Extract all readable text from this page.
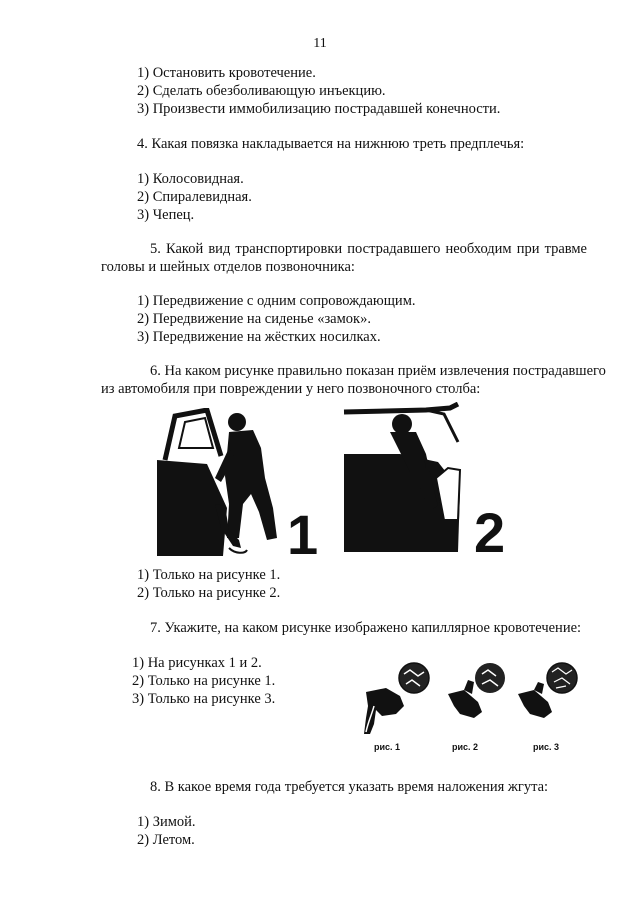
11
1) Остановить кровотечение.
2) Сделать обезболивающую инъекцию.
3) Произвести иммобилизацию пострадавшей конечности.
4. Какая повязка накладывается на нижнюю треть предплечья:
1) Колосовидная.
2) Спиралевидная.
3) Чепец.
5. Какой вид транспортировки пострадавшего необходим при травме
головы и шейных отделов позвоночника:
1) Передвижение с одним сопровождающим.
2) Передвижение на сиденье «замок».
3) Передвижение на жёстких носилках.
6. На каком рисунке правильно показан приём извлечения пострадавшего
из автомобиля при повреждении у него позвоночного столба:
1	2
1) Только на рисунке 1.
2) Только на рисунке 2.
7. Укажите, на каком рисунке изображено капиллярное кровотечение:
1) На рисунках 1 и 2.
2) Только на рисунке 1.
3) Только на рисунке 3.
рис. 1	рис. 2	рис. 3
8. В какое время года требуется указать время наложения жгута:
1) Зимой.
2) Летом.
